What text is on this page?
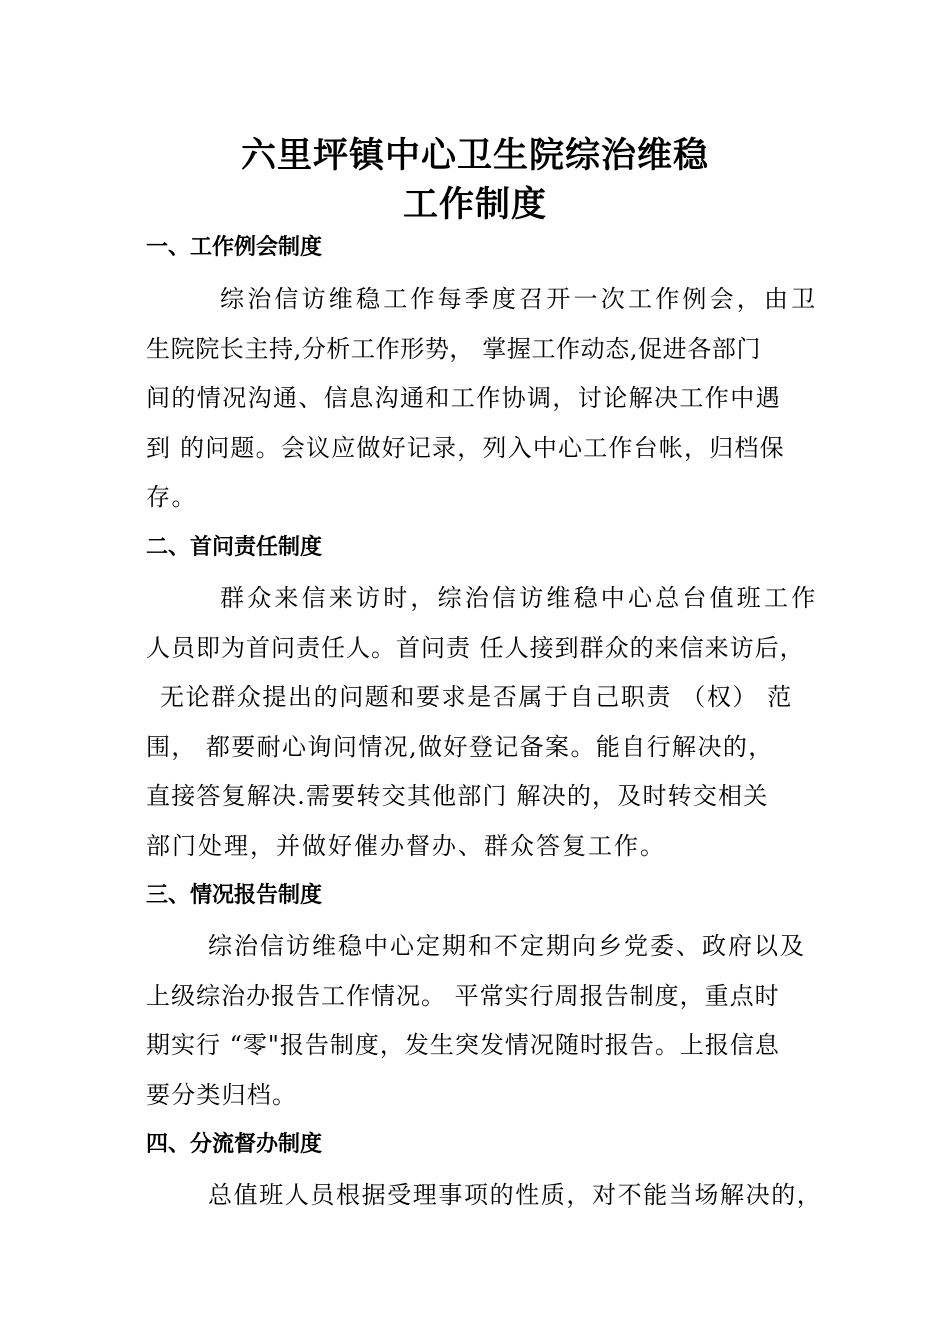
六里坪镇中心卫生院综治维稳
工作制度
一、工作例会制度
综治信访维稳工作每季度召开一次工作例会，由卫
生院院长主持,分析工作形势， 掌握工作动态,促进各部门
间的情况沟通、信息沟通和工作协调，讨论解决工作中遇
到 的问题。会议应做好记录，列入中心工作台帐，归档保
存。
二、首问责任制度
群众来信来访时，综治信访维稳中心总台值班工作
人员即为首问责任人。首问责 任人接到群众的来信来访后，
无论群众提出的问题和要求是否属于自己职责 （权） 范
围， 都要耐心询问情况,做好登记备案。能自行解决的，
直接答复解决.需要转交其他部门 解决的，及时转交相关
部门处理，并做好催办督办、群众答复工作。
三、情况报告制度
综治信访维稳中心定期和不定期向乡党委、政府以及
上级综治办报告工作情况。 平常实行周报告制度，重点时
期实行 “零"报告制度，发生突发情况随时报告。上报信息
要分类归档。
四、分流督办制度
总值班人员根据受理事项的性质，对不能当场解决的，
